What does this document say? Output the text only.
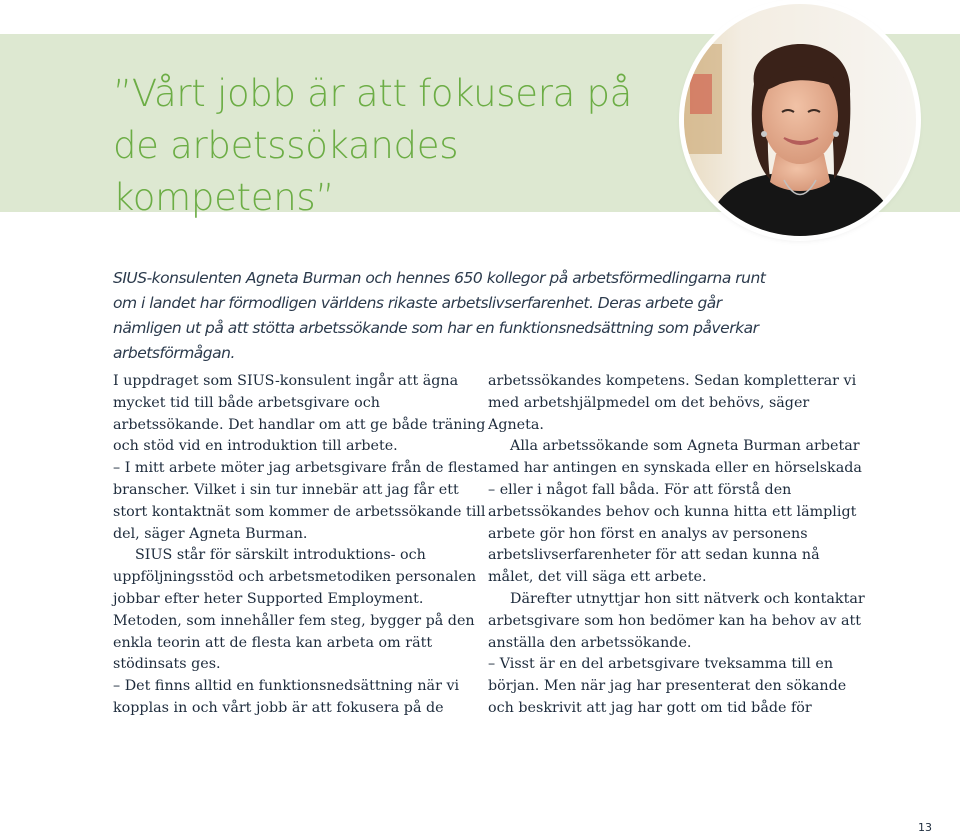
”Vårt jobb är att fokusera på de arbetssökandes kompetens”

SIUS-konsulenten Agneta Burman och hennes 650 kollegor på arbetsförmedlingarna runt om i landet har förmodligen världens rikaste arbetslivserfarenhet. Deras arbete går nämligen ut på att stötta arbetssökande som har en funktionsnedsättning som påverkar arbetsförmågan.

I uppdraget som SIUS-konsulent ingår att ägna mycket tid till både arbetsgivare och arbetssökande. Det handlar om att ge både träning och stöd vid en introduktion till arbete.

– I mitt arbete möter jag arbetsgivare från de flesta branscher. Vilket i sin tur innebär att jag får ett stort kontaktnät som kommer de arbetssökande till del, säger Agneta Burman.

SIUS står för särskilt introduktions- och uppföljningsstöd och arbetsmetodiken personalen jobbar efter heter Supported Employment. Metoden, som innehåller fem steg, bygger på den enkla teorin att de flesta kan arbeta om rätt stödinsats ges.

– Det finns alltid en funktionsnedsättning när vi kopplas in och vårt jobb är att fokusera på de

arbetssökandes kompetens. Sedan kompletterar vi med arbetshjälpmedel om det behövs, säger Agneta.

Alla arbetssökande som Agneta Burman arbetar med har antingen en synskada eller en hörselskada – eller i något fall båda. För att förstå den arbetssökandes behov och kunna hitta ett lämpligt arbete gör hon först en analys av personens arbetslivserfarenheter för att sedan kunna nå målet, det vill säga ett arbete.

Därefter utnyttjar hon sitt nätverk och kontaktar arbetsgivare som hon bedömer kan ha behov av att anställa den arbetssökande.

– Visst är en del arbetsgivare tveksamma till en början. Men när jag har presenterat den sökande och beskrivit att jag har gott om tid både för

13
